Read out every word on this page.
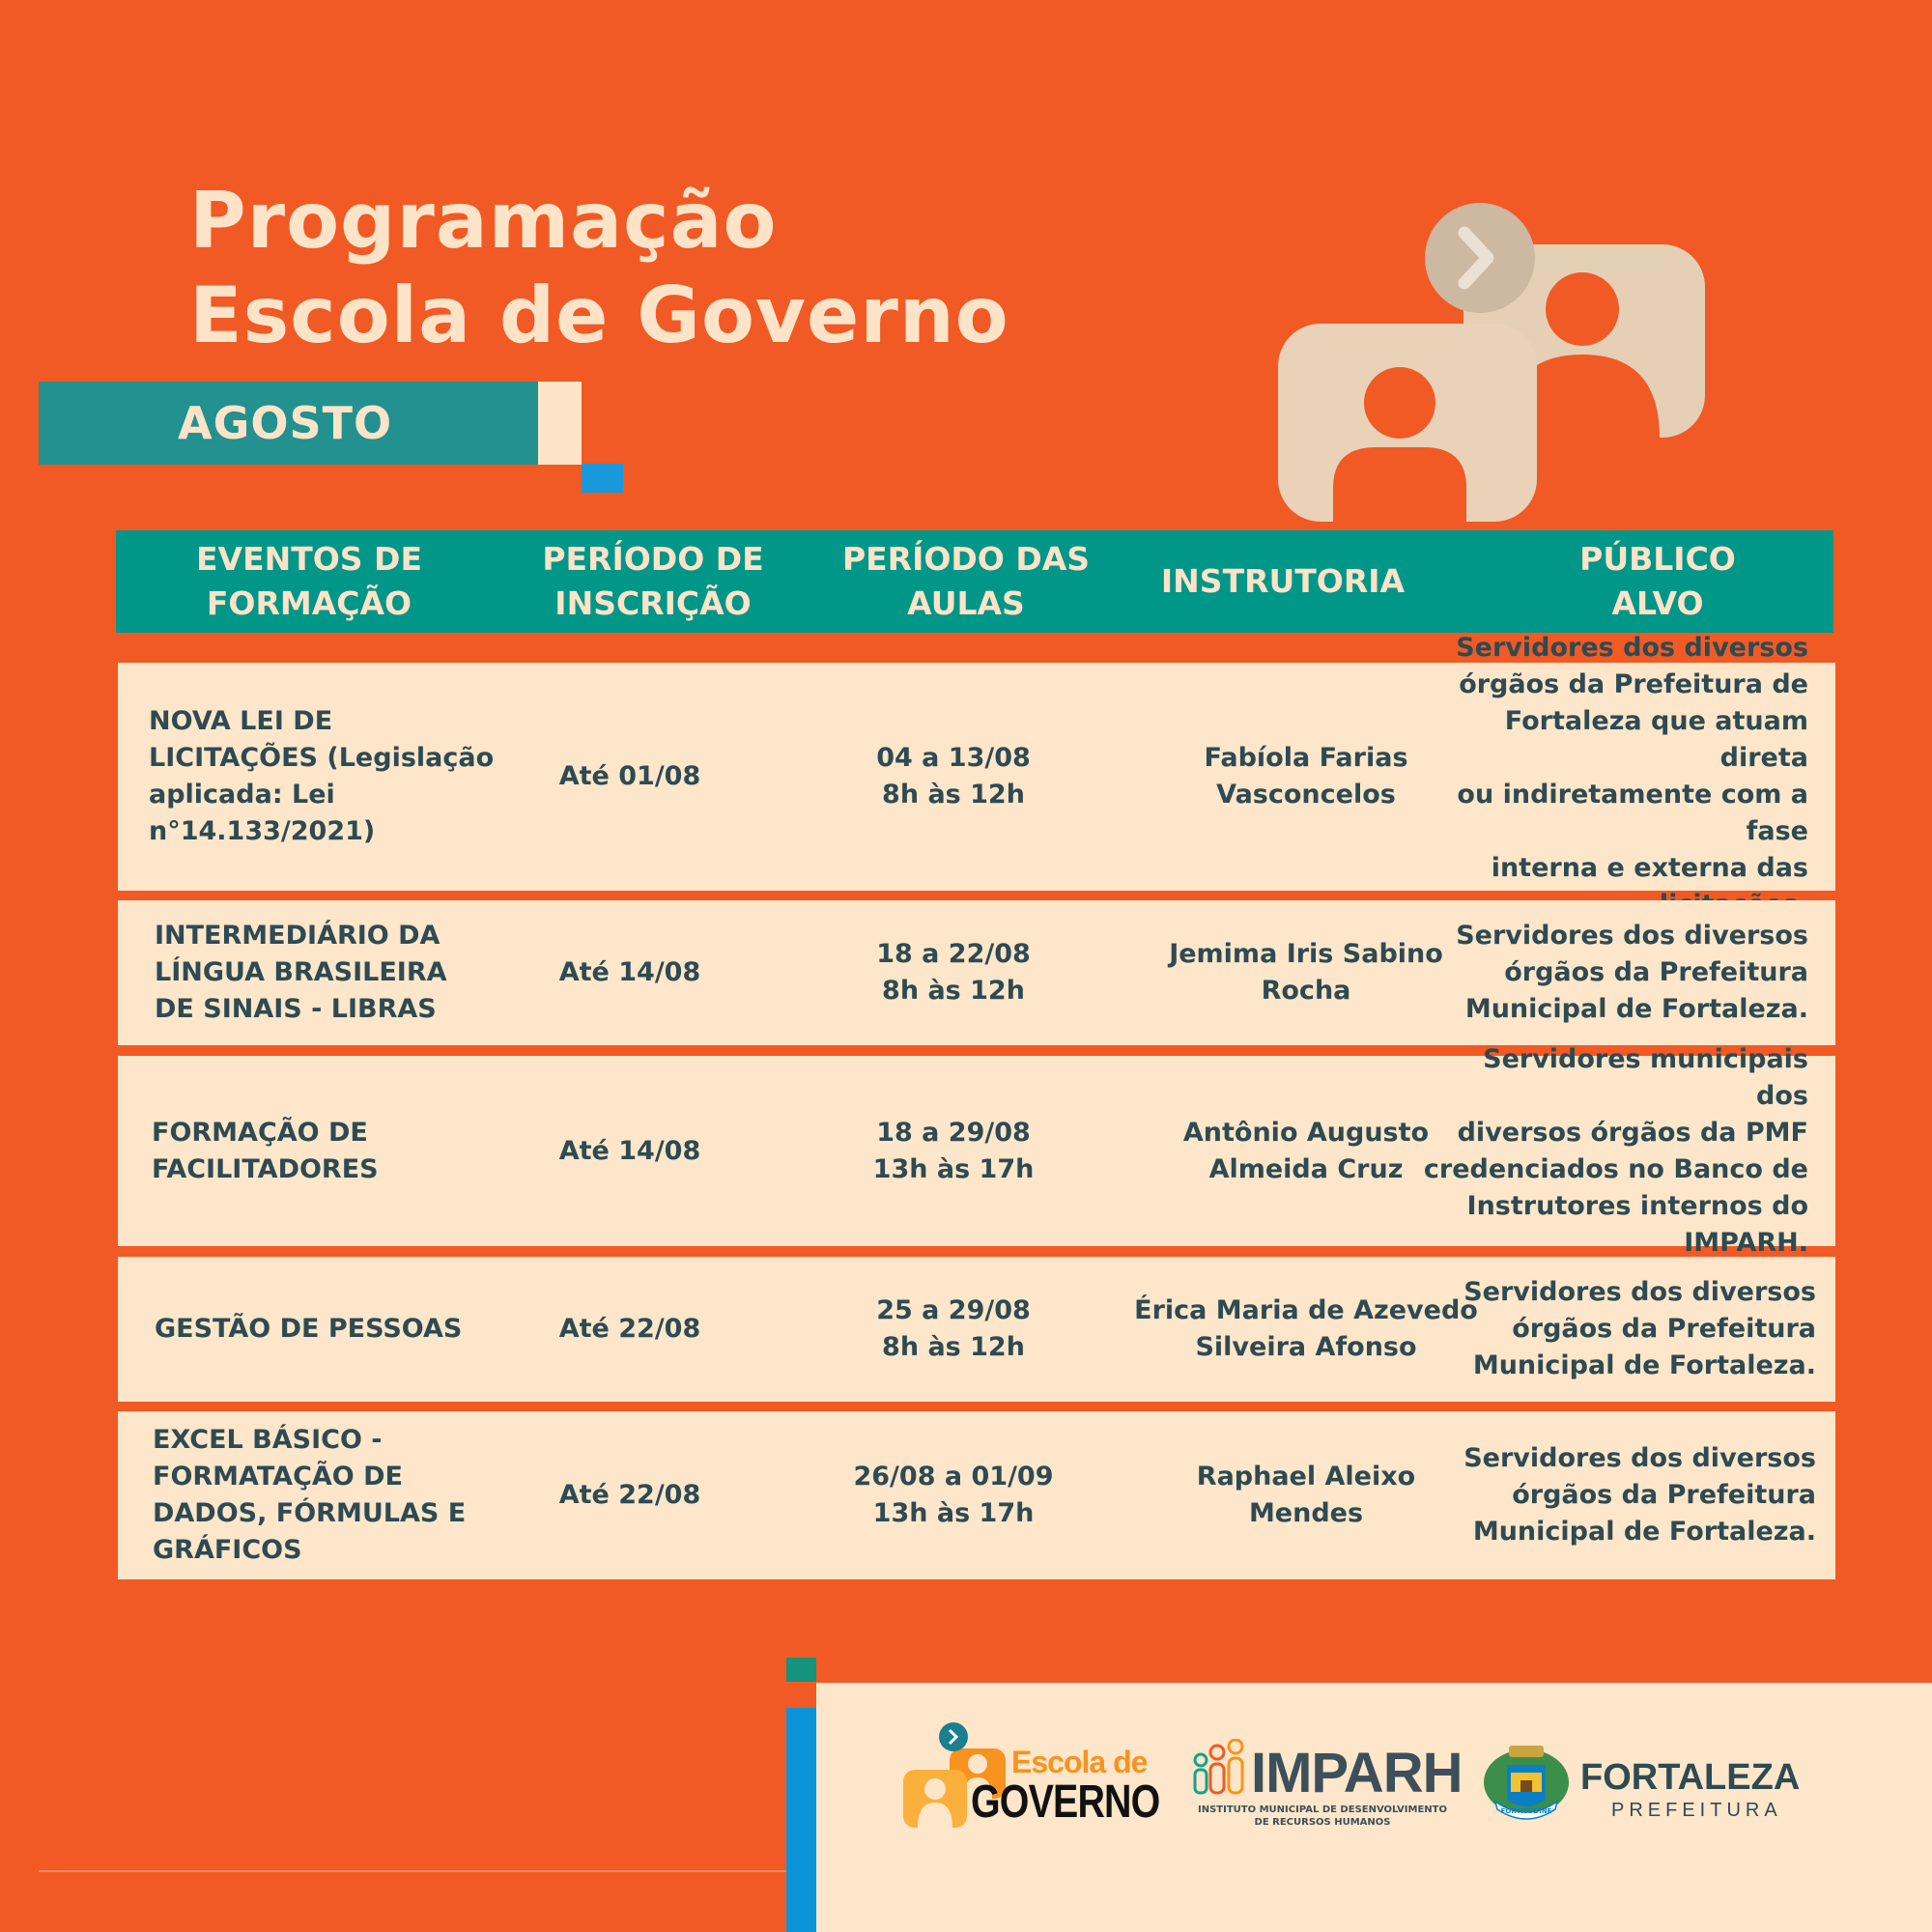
Programação
Escola de Governo
AGOSTO
EVENTOS DE
FORMAÇÃO
PERÍODO DE
INSCRIÇÃO
PERÍODO DAS
AULAS
INSTRUTORIA
PÚBLICO ALVO
NOVA LEI DE
LICITAÇÕES (Legislação
aplicada: Lei n°14.133/2021)
Até 01/08
04 a 13/08
8h às 12h
Fabíola Farias
Vasconcelos
Servidores dos diversos
órgãos da Prefeitura de
Fortaleza que atuam direta
ou indiretamente com a fase
interna e externa das
INTERMEDIÁRIO DA
LÍNGUA BRASILEIRA
DE SINAIS - LIBRAS
Até 14/08
18 a 22/08
8h às 12h
Jemima Iris Sabino
Rocha
Servidores dos diversos
órgãos da Prefeitura
Municipal de Fortaleza.
FORMAÇÃO DE
FACILITADORES
Até 14/08
18 a 29/08
13h às 17h
Antônio Augusto
Almeida Cruz
Servidores municipais dos
diversos órgãos da PMF
credenciados no Banco de
Instrutores internos do
IMPARH.
GESTÃO DE PESSOAS	Até 22/08
25 a 29/08
8h às 12h
Érica Maria de Azevedo
Silveira Afonso
Servidores dos diversos
órgãos da Prefeitura
Municipal de Fortaleza.
EXCEL BÁSICO -
FORMATAÇÃO DE
DADOS, FÓRMULAS E
GRÁFICOS
Até 22/08
26/08 a 01/09
13h às 17h
Raphael Aleixo
Mendes
Servidores dos diversos
órgãos da Prefeitura
Municipal de Fortaleza.
Escola de
GOVERNO IMPARH
INSTITUTO MUNICIPAL DE DESENVOLVIMENTO
DE RECURSOS HUMANOS
FORTITUDINE
FORTALEZA
PREFEITURA
